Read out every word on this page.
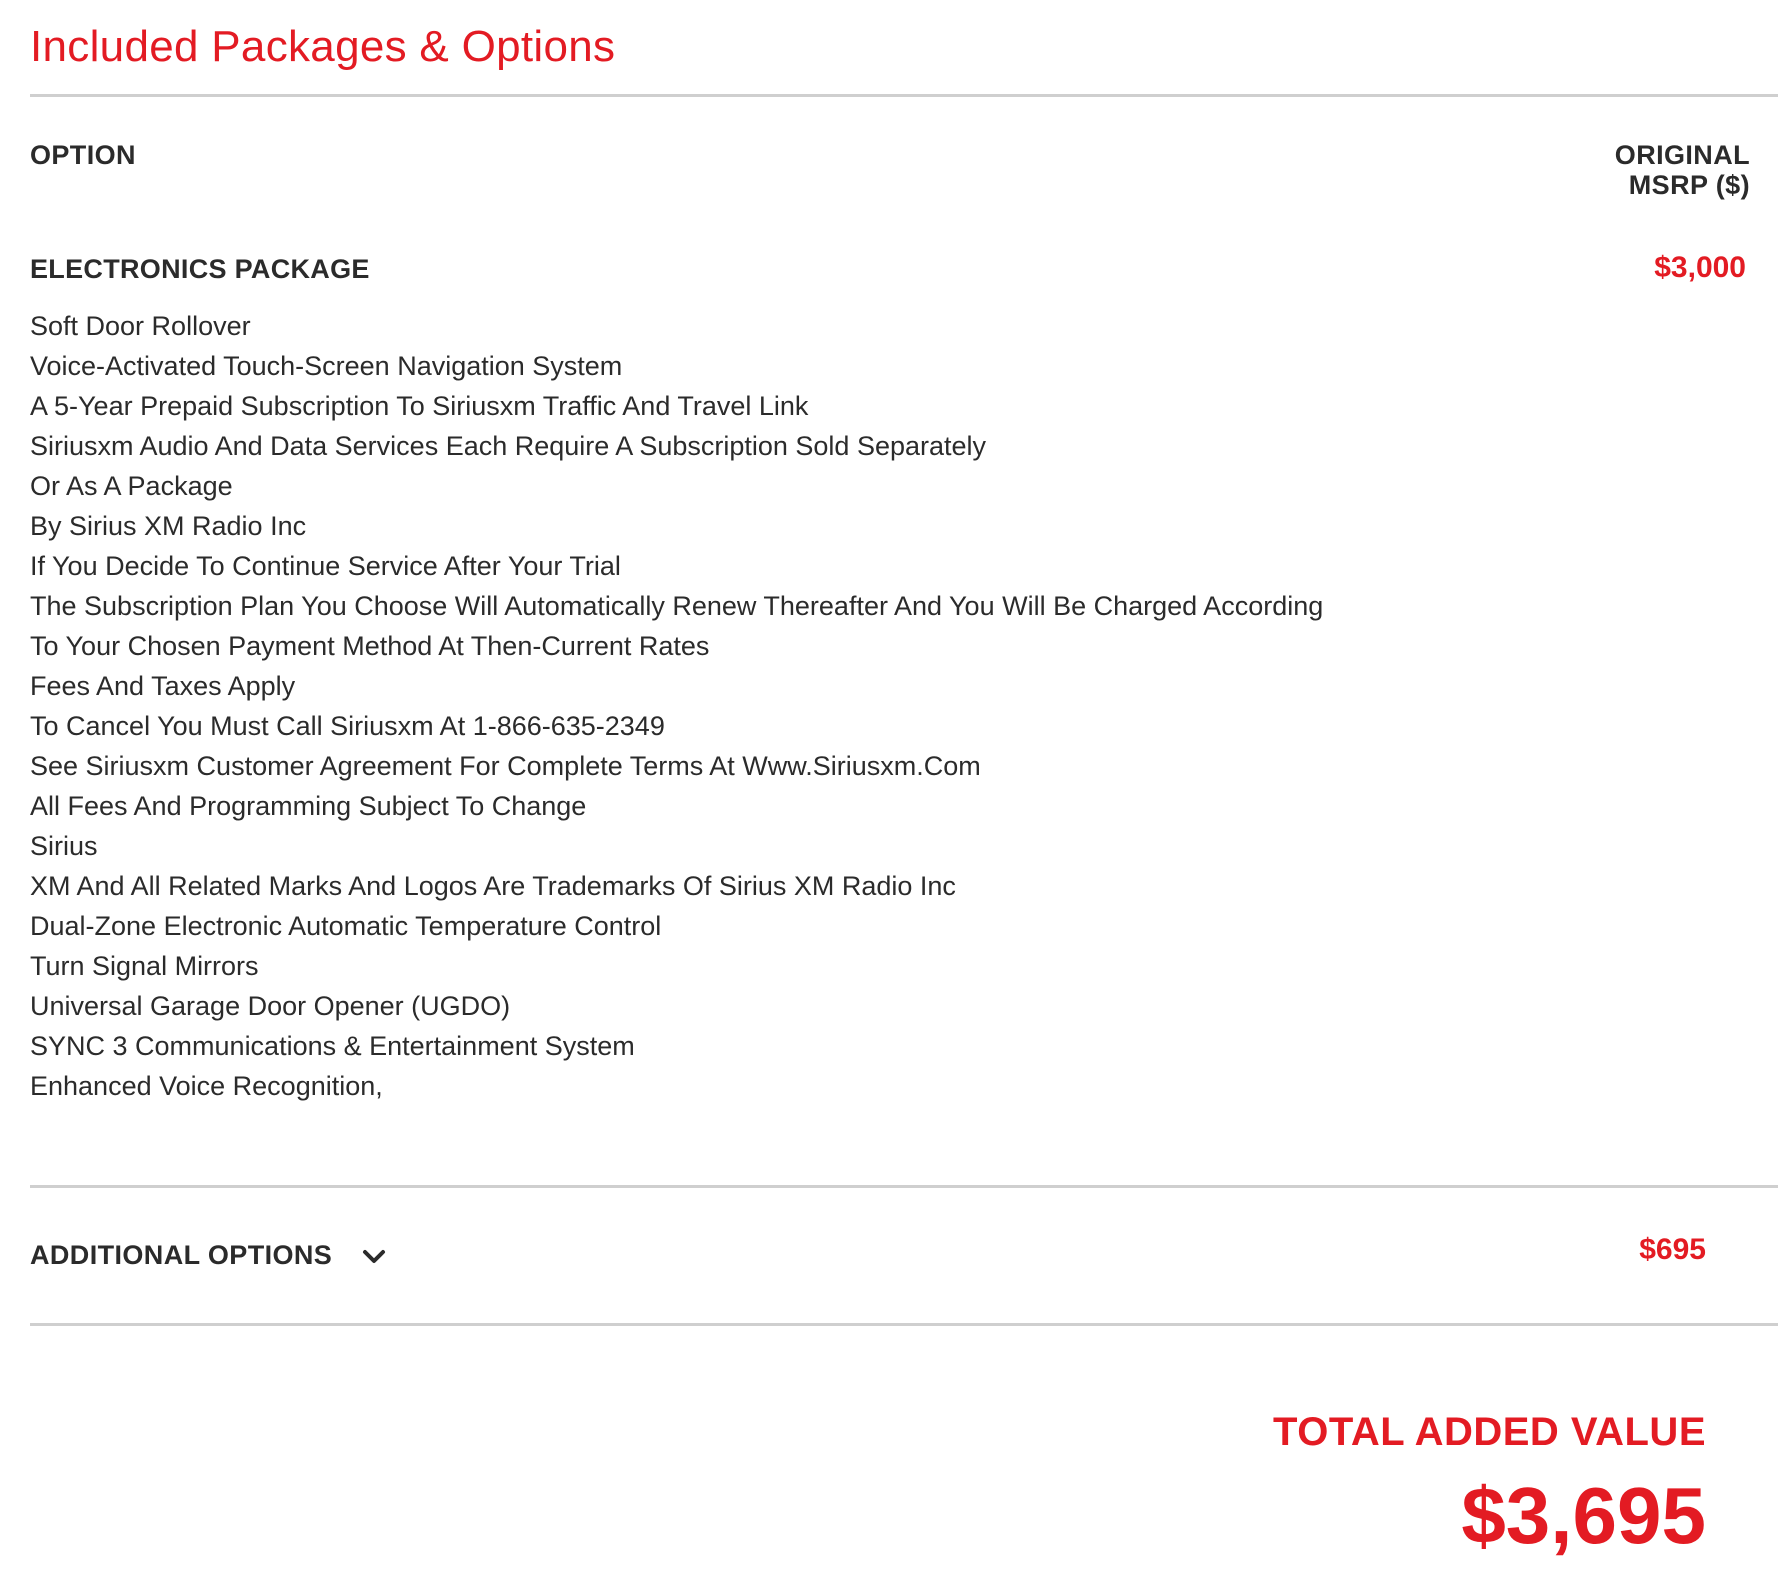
Included Packages & Options
OPTION	ORIGINAL
MSRP ($)
ELECTRONICS PACKAGE	$3,000
Soft Door Rollover
Voice-Activated Touch-Screen Navigation System
A 5-Year Prepaid Subscription To Siriusxm Traffic And Travel Link
Siriusxm Audio And Data Services Each Require A Subscription Sold Separately
Or As A Package
By Sirius XM Radio Inc
If You Decide To Continue Service After Your Trial
The Subscription Plan You Choose Will Automatically Renew Thereafter And You Will Be Charged According
To Your Chosen Payment Method At Then-Current Rates
Fees And Taxes Apply
To Cancel You Must Call Siriusxm At 1-866-635-2349
See Siriusxm Customer Agreement For Complete Terms At Www.Siriusxm.Com
All Fees And Programming Subject To Change
Sirius
XM And All Related Marks And Logos Are Trademarks Of Sirius XM Radio Inc
Dual-Zone Electronic Automatic Temperature Control
Turn Signal Mirrors
Universal Garage Door Opener (UGDO)
SYNC 3 Communications & Entertainment System
Enhanced Voice Recognition,
ADDITIONAL OPTIONS	$695
TOTAL ADDED VALUE
$3,695
